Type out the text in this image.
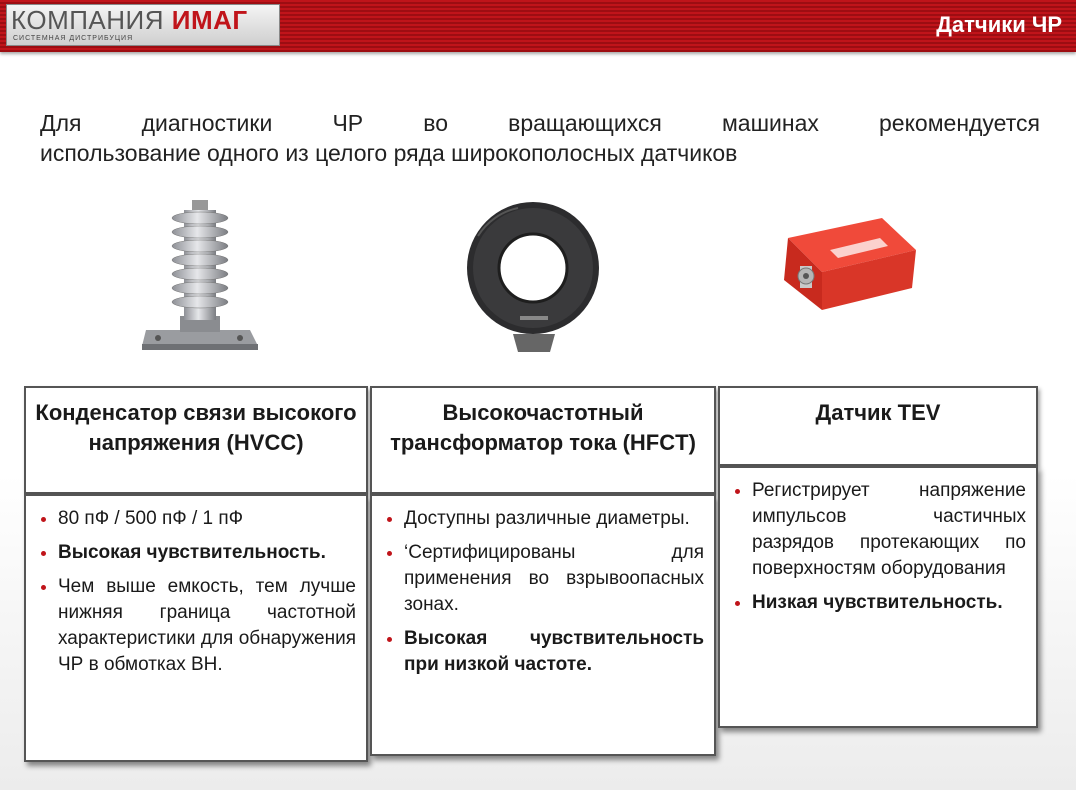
КОМПАНИЯ ИМАГ
СИСТЕМНАЯ ДИСТРИБУЦИЯ
Датчики ЧР
Для	диагностики	ЧР	во	вращающихся	машинах	рекомендуется
использование одного из целого ряда широкополосных датчиков
Конденсатор связи высокого напряжения (HVCC)
80 пФ / 500 пФ / 1 пФ
Высокая чувствительность.
Чем выше емкость, тем лучше нижняя граница частотной характеристики для обнаружения ЧР в обмотках ВН.
Высокочастотный трансформатор тока (HFCT)
Доступны различные диаметры.
‘Сертифицированы для применения во взрывоопасных зонах.
Высокая чувствительность при низкой частоте.
Датчик TEV
Регистрирует напряжение импульсов частичных разрядов протекающих по поверхностям оборудования
Низкая чувствительность.
